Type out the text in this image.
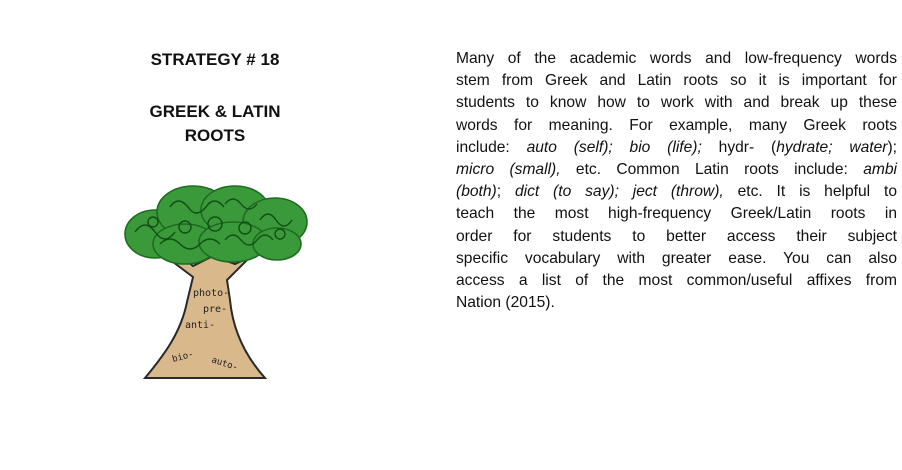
STRATEGY # 18
GREEK & LATIN
ROOTS
photo-
pre-
anti-
bio- auto-

Many of the academic words and low-frequency words
stem from Greek and Latin roots so it is important for
students to know how to work with and break up these
words for meaning. For example, many Greek roots
include: auto (self); bio (life); hydr- (hydrate; water);
micro (small), etc. Common Latin roots include: ambi
(both); dict (to say); ject (throw), etc. It is helpful to
teach the most high-frequency Greek/Latin roots in
order for students to better access their subject
specific vocabulary with greater ease. You can also
access a list of the most common/useful affixes from
Nation (2015).
